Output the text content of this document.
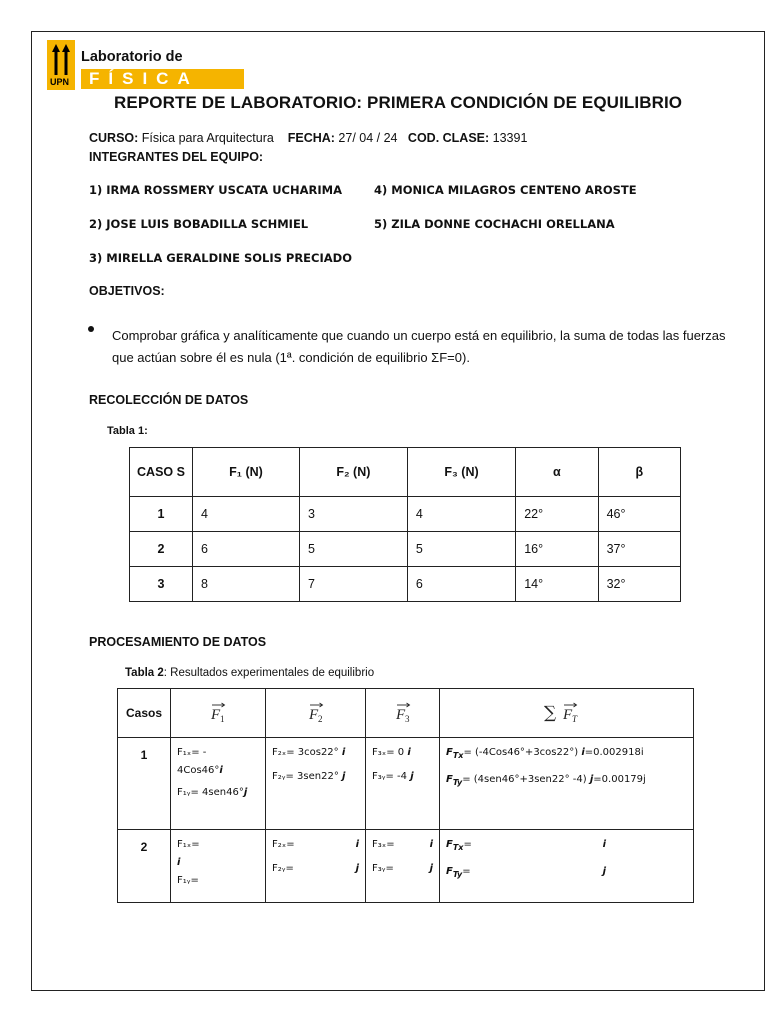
UPN
Laboratorio de
FÍSICA
REPORTE DE LABORATORIO: PRIMERA CONDICIÓN DE EQUILIBRIO
CURSO: Física para Arquitectura FECHA: 27/ 04 / 24 COD. CLASE: 13391
INTEGRANTES DEL EQUIPO:
1) IRMA ROSSMERY USCATA UCHARIMA
2) JOSE LUIS BOBADILLA SCHMIEL
3) MIRELLA GERALDINE SOLIS PRECIADO
4) MONICA MILAGROS CENTENO AROSTE
5) ZILA DONNE COCHACHI ORELLANA
OBJETIVOS:
Comprobar gráfica y analíticamente que cuando un cuerpo está en equilibrio, la suma de todas las fuerzas que actúan sobre él es nula (1ª. condición de equilibrio ΣF=0).
RECOLECCIÓN DE DATOS
Tabla 1:
CASO S	F₁ (N)	F₂ (N)	F₃ (N)	α	β
1	4	3	4	22°	46°
2	6	5	5	16°	37°
3	8	7	6	14°	32°
PROCESAMIENTO DE DATOS
Tabla 2: Resultados experimentales de equilibrio
Casos	F 1	F 2	F 3	∑ F T

1	F₁ₓ= -
4Cos46°i
F₁ᵧ= 4sen46°j	F₂ₓ= 3cos22° i
F₂ᵧ= 3sen22° j	F₃ₓ= 0 i
F₃ᵧ= -4 j	$F_{Tx}= (-4Cos46^\circ+3\cos 22^\circ)$ i=0.002918i
$F_{Ty}= (4sen46^\circ+3sen22^\circ$ -4) j=0.00179j

2	F₁ₓ=
i
F₁ᵧ=	F₂ₓ= i
F₂ᵧ= j	F₃ₓ= i
F₃ᵧ= j	$F_{Tx}= i$
$F_{Ty}= j$
